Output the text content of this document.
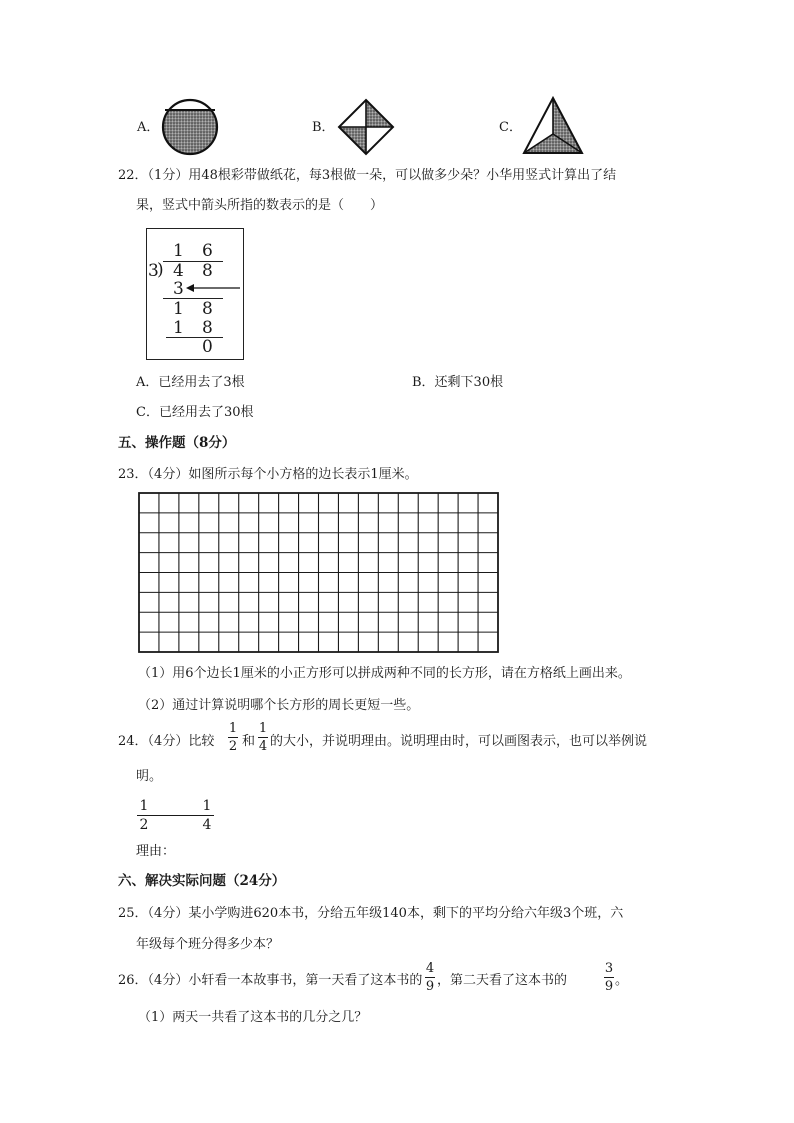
A．	B．	C．
22．（1分）用48根彩带做纸花，每3根做一朵，可以做多少朵？小华用竖式计算出了结
果，竖式中箭头所指的数表示的是（　　）
1 6
3
) 4 8
3
1 8
1 8
0
A．已经用去了3根	B．还剩下30根
C．已经用去了30根
五、操作题（8分）
23．（4分）如图所示每个小方格的边长表示1厘米。
（1）用6个边长1厘米的小正方形可以拼成两种不同的长方形，请在方格纸上画出来。
（2）通过计算说明哪个长方形的周长更短一些。
24．（4分）比较
1
2 和
1
4 的大小，并说明理由。说明理由时，可以画图表示，也可以举例说
明。
1
2
1
4
理由：
六、解决实际问题（24分）
25．（4分）某小学购进620本书，分给五年级140本，剩下的平均分给六年级3个班，六
年级每个班分得多少本？
26．（4分）小轩看一本故事书，第一天看了这本书的
4
9 ，第二天看了这本书的
3
9 。
（1）两天一共看了这本书的几分之几？
